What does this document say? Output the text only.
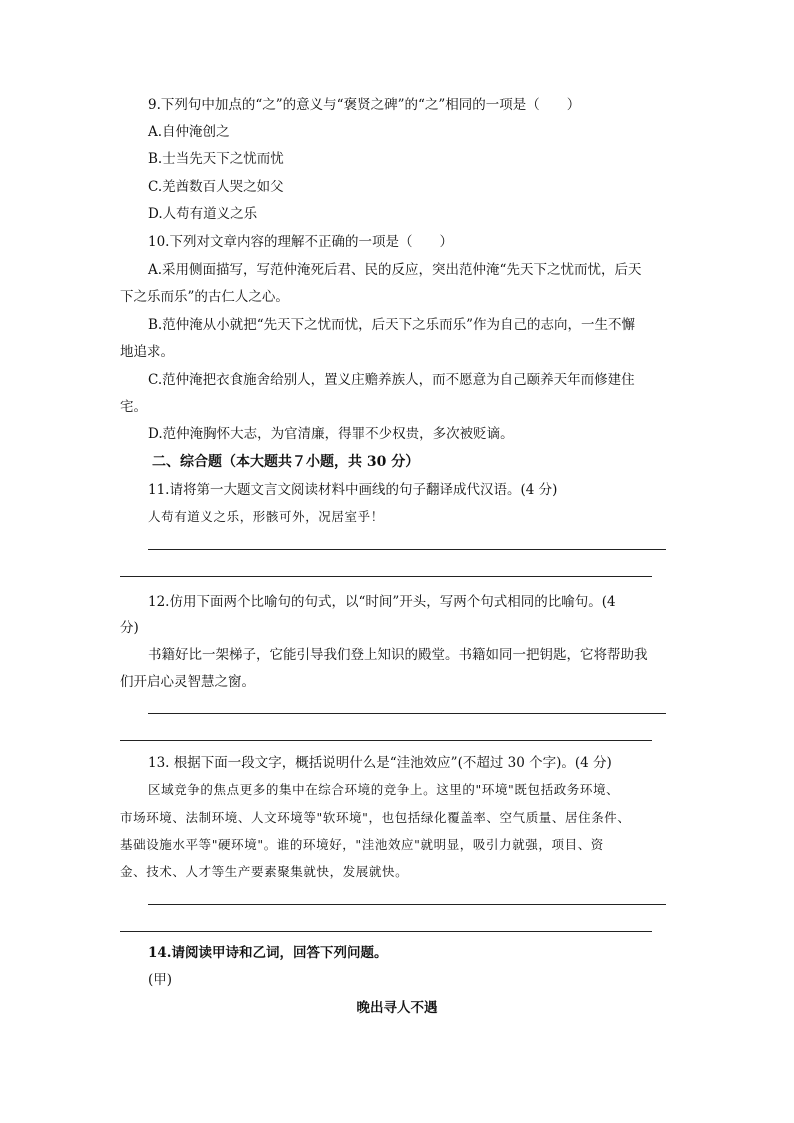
9.下列句中加点的“之”的意义与“褒贤之碑”的“之”相同的一项是（　　）
A.自仲淹创之
B.士当先天下之忧而忧
C.羌酋数百人哭之如父
D.人苟有道义之乐
10.下列对文章内容的理解不正确的一项是（　　）
A.采用侧面描写，写范仲淹死后君、民的反应，突出范仲淹“先天下之忧而忧，后天
下之乐而乐”的古仁人之心。
B.范仲淹从小就把“先天下之忧而忧，后天下之乐而乐”作为自己的志向，一生不懈
地追求。
C.范仲淹把衣食施舍给别人，置义庄赡养族人，而不愿意为自己颐养天年而修建住
宅。
D.范仲淹胸怀大志，为官清廉，得罪不少权贵，多次被贬谪。
二、综合题（本大题共７小题，共 30 分）
11.请将第一大题文言文阅读材料中画线的句子翻译成代汉语。(4 分)
人苟有道义之乐，形骸可外，况居室乎！
12.仿用下面两个比喻句的句式，以“时间”开头，写两个句式相同的比喻句。(4
分)
书籍好比一架梯子，它能引导我们登上知识的殿堂。书籍如同一把钥匙，它将帮助我
们开启心灵智慧之窗。
13. 根据下面一段文字，概括说明什么是“洼池效应”(不超过 30 个字)。(4 分)
区域竞争的焦点更多的集中在综合环境的竞争上。这里的"环境"既包括政务环境、
市场环境、法制环境、人文环境等"软环境"，也包括绿化覆盖率、空气质量、居住条件、
基础设施水平等"硬环境"。谁的环境好，"洼池效应"就明显，吸引力就强，项目、资
金、技术、人才等生产要素聚集就快，发展就快。
14.请阅读甲诗和乙词，回答下列问题。
(甲)
晚出寻人不遇
